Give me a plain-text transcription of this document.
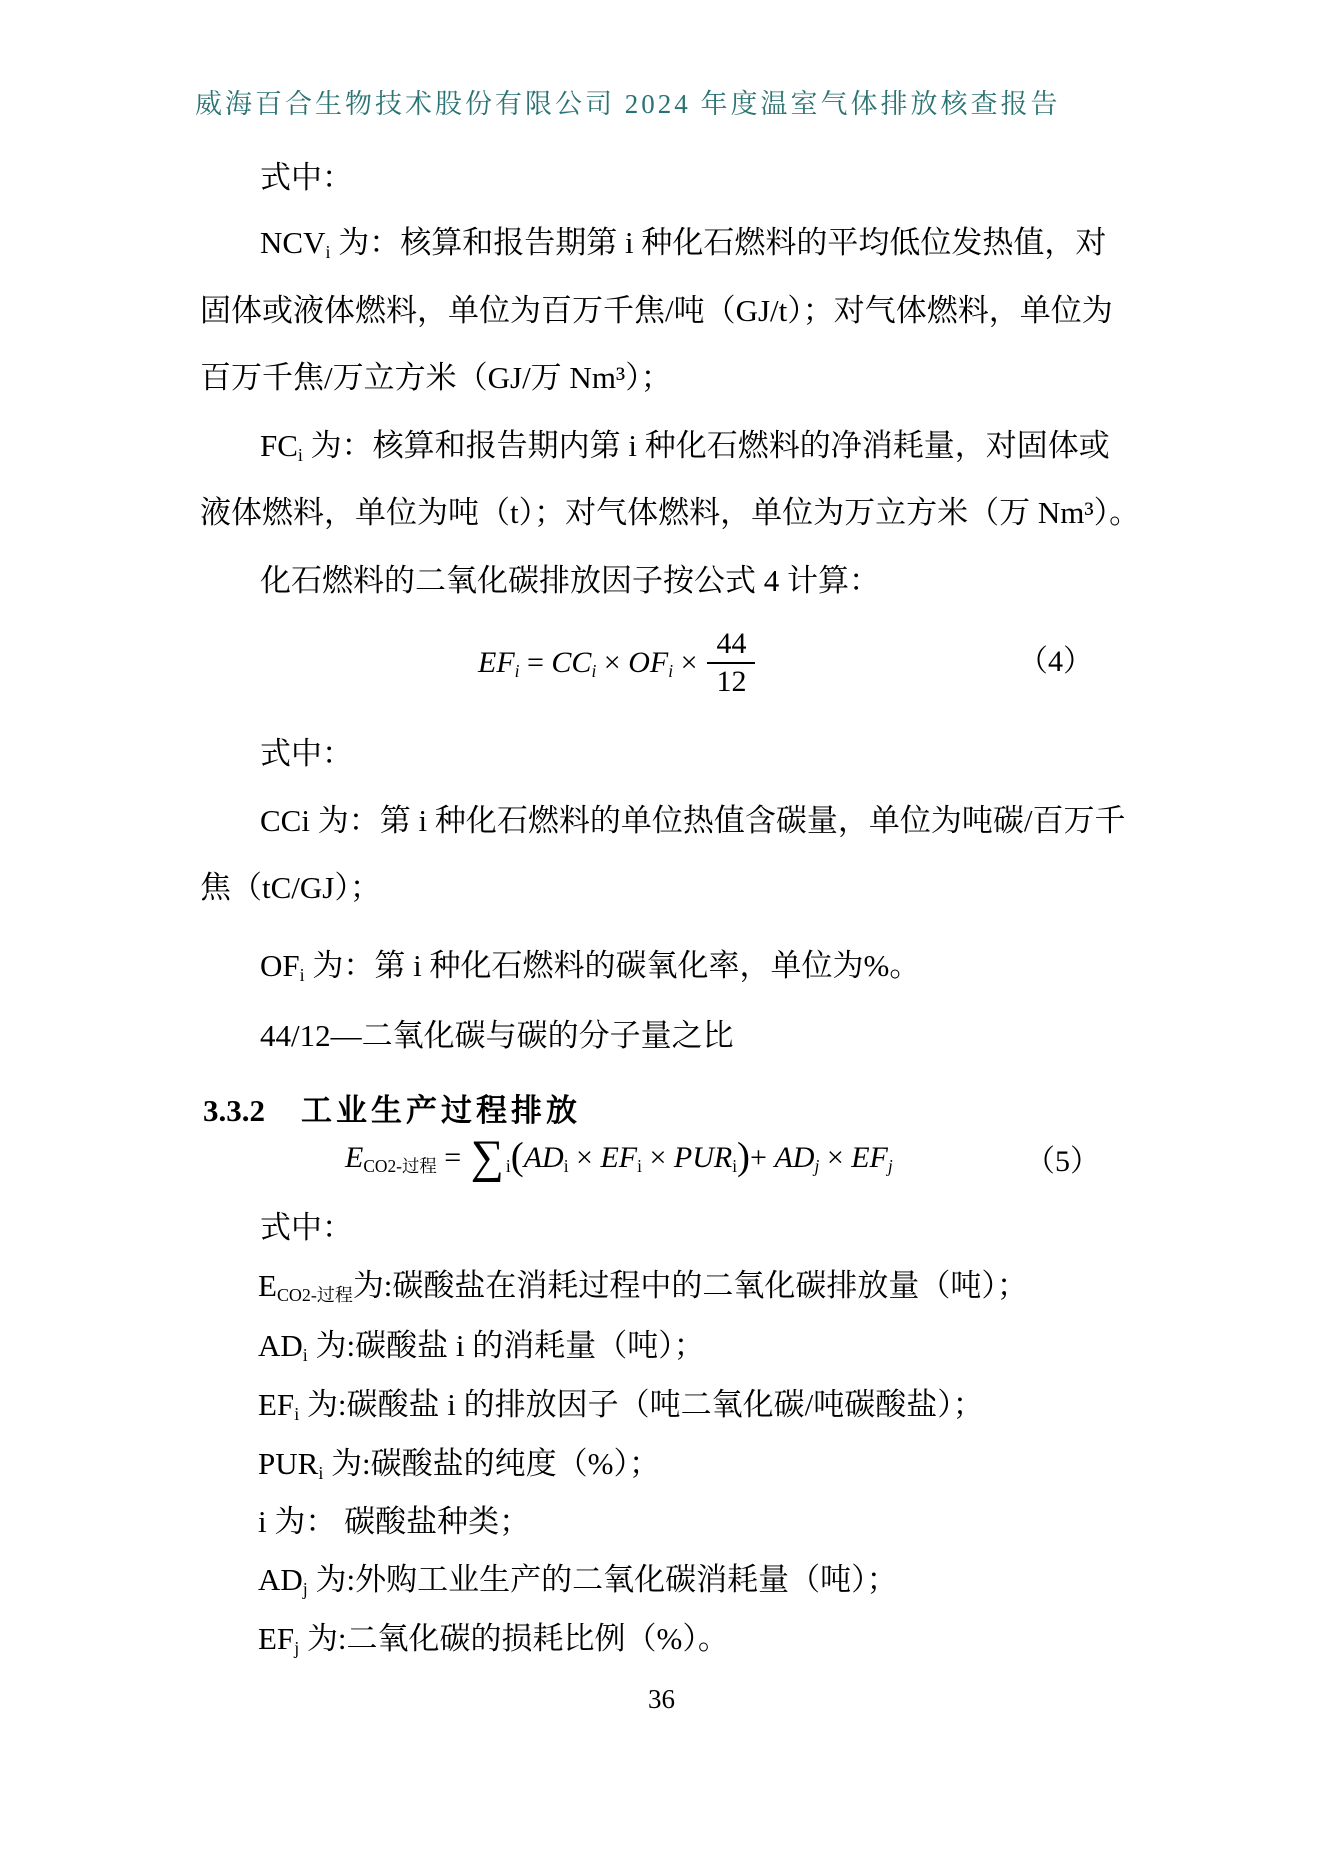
威海百合生物技术股份有限公司 2024 年度温室气体排放核查报告
式中：
NCVi 为：核算和报告期第 i 种化石燃料的平均低位发热值，对
固体或液体燃料，单位为百万千焦/吨（GJ/t）；对气体燃料，单位为
百万千焦/万立方米（GJ/万 Nm³）；
FCi 为：核算和报告期内第 i 种化石燃料的净消耗量，对固体或
液体燃料，单位为吨（t）；对气体燃料，单位为万立方米（万 Nm³）。
化石燃料的二氧化碳排放因子按公式 4 计算：
EFi = CCi × OFi × $\frac{44}{12}$	（4）
式中：
CCi 为：第 i 种化石燃料的单位热值含碳量，单位为吨碳/百万千
焦（tC/GJ）；
OFi 为：第 i 种化石燃料的碳氧化率，单位为%。
44/12—二氧化碳与碳的分子量之比
3.3.2 工业生产过程排放
ECO2-过程 = ∑ i(ADi × EFi × PURi)+ ADj × EFj	（5）
式中：
ECO2-过程为:碳酸盐在消耗过程中的二氧化碳排放量（吨）；
ADi 为:碳酸盐 i 的消耗量（吨）；
EFi 为:碳酸盐 i 的排放因子（吨二氧化碳/吨碳酸盐）；
PURi 为:碳酸盐的纯度（%）；
i 为： 碳酸盐种类；
ADj 为:外购工业生产的二氧化碳消耗量（吨）；
EFj 为:二氧化碳的损耗比例（%）。
36
